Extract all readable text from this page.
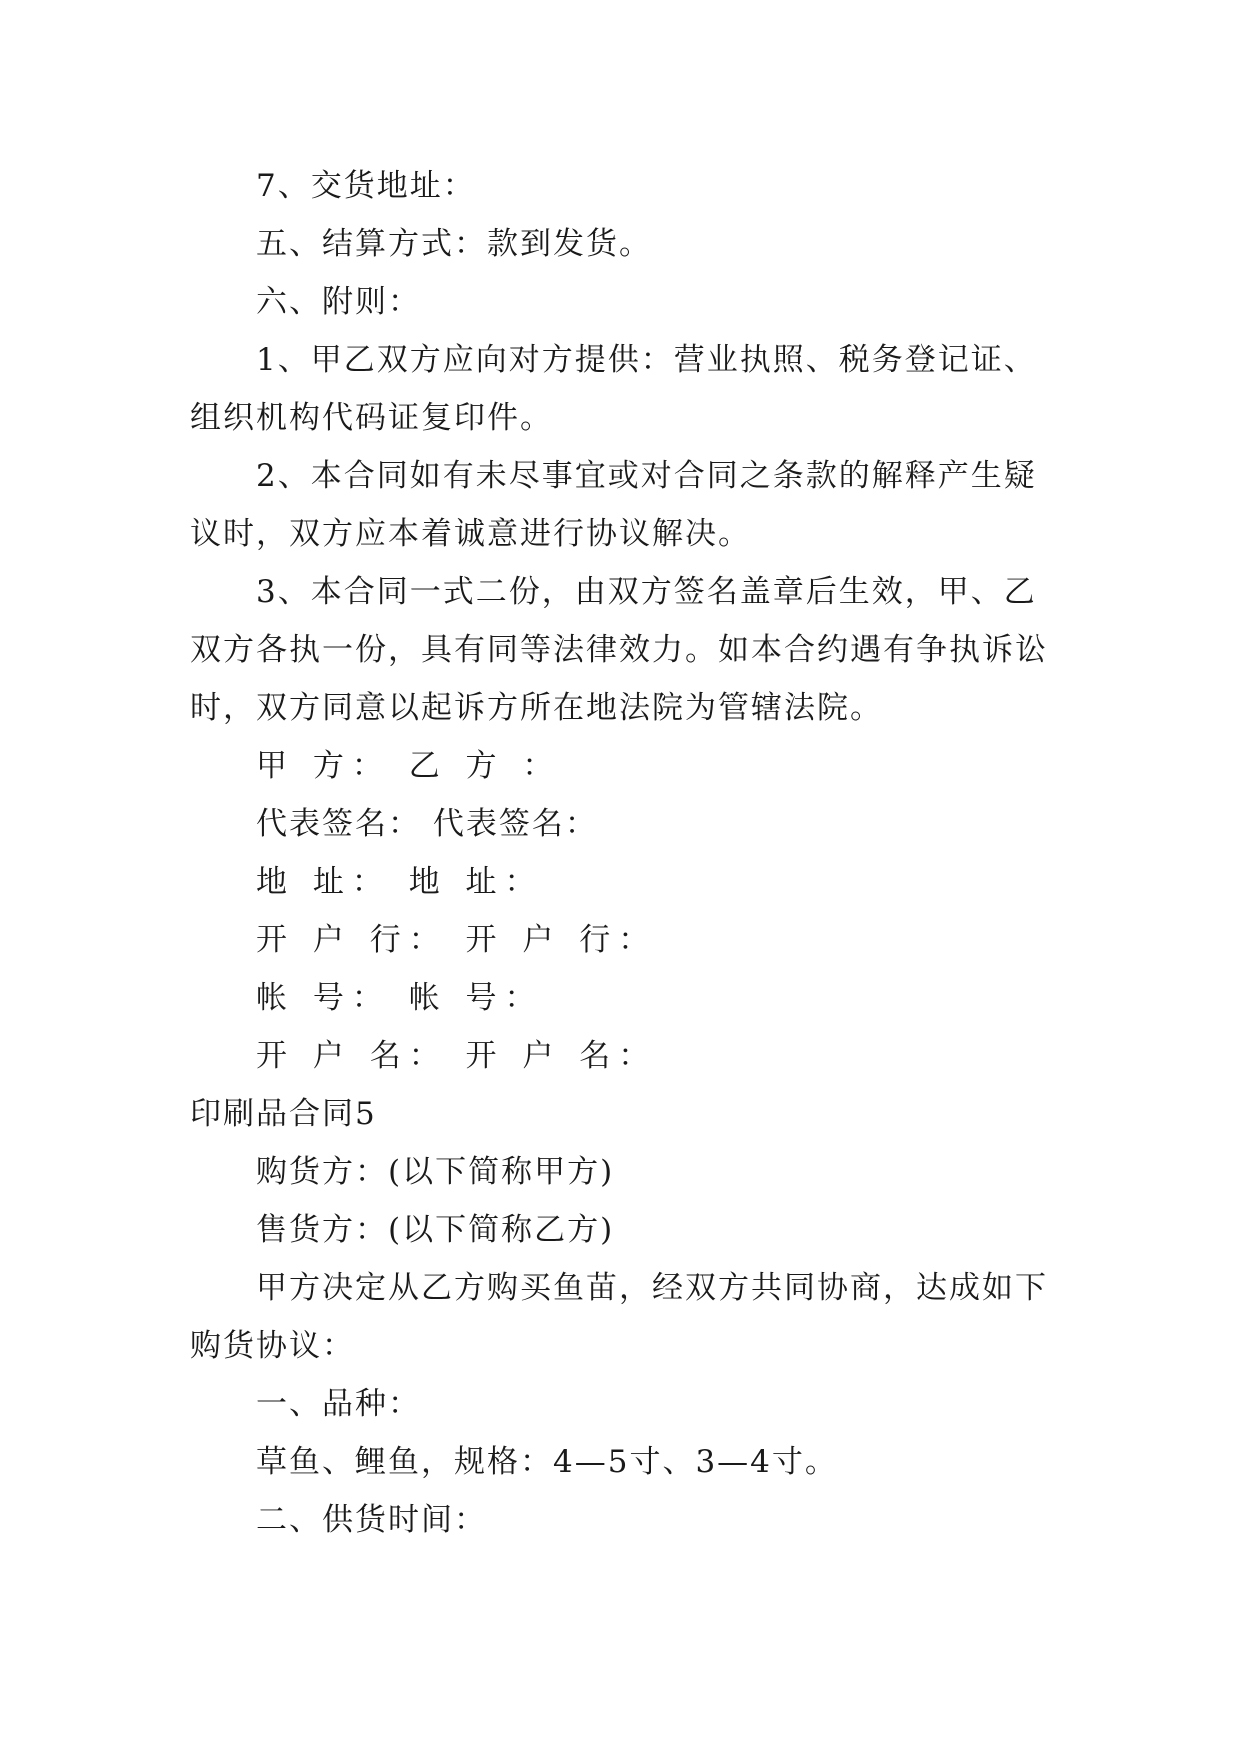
7、交货地址：
五、结算方式：款到发货。
六、附则：
1、甲乙双方应向对方提供：营业执照、税务登记证、
组织机构代码证复印件。
2、本合同如有未尽事宜或对合同之条款的解释产生疑
议时，双方应本着诚意进行协议解决。
3、本合同一式二份，由双方签名盖章后生效，甲、乙
双方各执一份，具有同等法律效力。如本合约遇有争执诉讼
时，双方同意以起诉方所在地法院为管辖法院。
甲 方： 乙 方 ：
代表签名： 代表签名：
地 址： 地 址：
开 户 行： 开 户 行：
帐 号： 帐 号：
开 户 名： 开 户 名：
印刷品合同5
购货方：(以下简称甲方)
售货方：(以下简称乙方)
甲方决定从乙方购买鱼苗，经双方共同协商，达成如下
购货协议：
一、品种：
草鱼、鲤鱼，规格：4—5寸、3—4寸。
二、供货时间：
